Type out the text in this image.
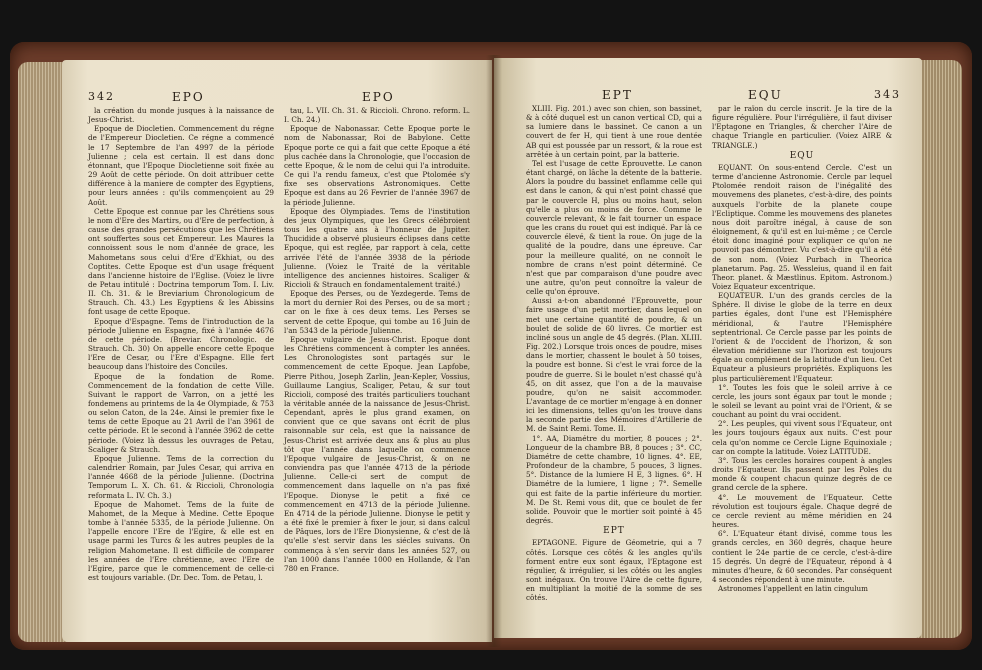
342	EPO	EPO

la création du monde jusques à la naissance de Jesus-Christ.

Epoque de Diocletien. Commencement du régne de l'Empereur Diocletien. Ce régne a commencé le 17 Septembre de l'an 4997 de la période Julienne ; cela est certain. Il est dans donc étonnant, que l'Epoque Diocletienne soit fixée au 29 Août de cette période. On doit attribuer cette différence à la maniere de compter des Egyptiens, pour leurs années : qu'ils commençoient au 29 Août.

Cette Epoque est connue par les Chrétiens sous le nom d'Ere des Martirs, ou d'Ere de perfection, à cause des grandes persécutions que les Chrétiens ont souffertes sous cet Empereur. Les Maures la connoissent sous le nom d'année de grace, les Mahometans sous celui d'Ere d'Ekhiat, ou des Coptites. Cette Epoque est d'un usage fréquent dans l'ancienne histoire de l'Eglise. (Voiez le livre de Petau intitulé : Doctrina temporum Tom. I. Liv. II. Ch. 31. & le Breviarium Chronologicum de Strauch. Ch. 43.) Les Egyptiens & les Abissins font usage de cette Epoque.

Epoque d'Espagne. Tems de l'introduction de la période Julienne en Espagne, fixé à l'année 4676 de cette période. (Breviar. Chronologic. de Strauch. Ch. 30) On appelle encore cette Epoque l'Ere de Cesar, ou l'Ere d'Espagne. Elle fert beaucoup dans l'histoire des Conciles.

Epoque de la fondation de Rome. Commencement de la fondation de cette Ville. Suivant le rapport de Varron, on a jetté les fondemens au printems de la 4e Olympiade, & 753 ou selon Caton, de la 24e. Ainsi le premier fixe le tems de cette Epoque au 21 Avril de l'an 3961 de cette période. Et le second à l'année 3962 de cette période. (Voiez là dessus les ouvrages de Petau, Scaliger & Strauch.

Epoque Julienne. Tems de la correction du calendrier Romain, par Jules Cesar, qui arriva en l'année 4668 de la période Julienne. (Doctrina Temporum L. X. Ch. 61. & Riccioli, Chronologia reformata L. IV. Ch. 3.)

Epoque de Mahomet. Tems de la fuite de Mahomet, de la Meque à Medine. Cette Epoque tombe à l'année 5335, de la période Julienne. On l'appelle encore l'Ere de l'Egire, & elle est en usage parmi les Turcs & les autres peuples de la religion Mahometane. Il est difficile de comparer les années de l'Ere chrétienne, avec l'Ere de l'Egire, parce que le commencement de celle-ci est toujours variable. (Dr. Dec. Tom. de Petau, l.

tau, L. VII. Ch. 31. & Riccioli. Chrono. reform. L. I. Ch. 24.)

Epoque de Nabonassar. Cette Epoque porte le nom de Nabonassar, Roi de Babylone. Cette Epoque porte ce qui a fait que cette Epoque a été plus cachée dans la Chronologie, que l'occasion de cette Epoque, & le nom de celui qui l'a introduite. Ce qui l'a rendu fameux, c'est que Ptolomée s'y fixe ses observations Astronomiques. Cette Epoque est dans au 26 Fevrier de l'année 3967 de la période Julienne.

Epoque des Olympiades. Tems de l'institution des jeux Olympiques, que les Grecs célébroient tous les quatre ans à l'honneur de Jupiter. Thucidide a observé plusieurs éclipses dans cette Epoque, qui est reglée, par rapport à cela, cette arrivée l'été de l'année 3938 de la période Julienne. (Voiez le Traité de la véritable intelligence des anciennes histoires. Scaliger & Riccioli & Strauch en fondamentalement traité.)

Epoque des Perses, ou de Yezdegerde. Tems de la mort du dernier Roi des Perses, ou de sa mort ; car on le fixe à ces deux tems. Les Perses se servent de cette Epoque, qui tombe au 16 Juin de l'an 5343 de la période Julienne.

Epoque vulgaire de Jesus-Christ. Epoque dont les Chrétiens commencent à compter les années. Les Chronologistes sont partagés sur le commencement de cette Epoque. Jean Lapfobe, Pierre Pithou, Joseph Zarlin, Jean-Kepler, Vossius, Guillaume Langius, Scaliger, Petau, & sur tout Riccioli, composé des traités particuliers touchant la véritable année de la naissance de Jesus-Christ. Cependant, après le plus grand examen, on convient que ce que savans ont écrit de plus raisonnable sur cela, est que la naissance de Jesus-Christ est arrivée deux ans & plus au plus tôt que l'année dans laquelle on commence l'Epoque vulgaire de Jesus-Christ, & on ne conviendra pas que l'année 4713 de la période Julienne. Celle-ci sert de comput de commencement dans laquelle on n'a pas fixé l'Epoque. Dionyse le petit a fixé ce commencement en 4713 de la période Julienne. En 4714 de la période Julienne. Dionyse le petit y a été fixé le premier à fixer le jour, si dans calcul de Pâques, lors de l'Ere Dionysienne, & c'est de là qu'elle s'est servir dans les siécles suivans. On commença à s'en servir dans les années 527, ou l'an 1000 dans l'année 1000 en Hollande, & l'an 780 en France.

EPT	EQU	343

XLIII. Fig. 201.) avec son chien, son bassinet, & à côté duquel est un canon vertical CD, qui a sa lumiere dans le bassinet. Ce canon a un couvert de fer H, qui tient à une roue dentée AB qui est poussée par un ressort, & la roue est arrêtée à un certain point, par la batterie.

Tel est l'usage de cette Eprouvette. Le canon étant chargé, on lâche la détente de la batterie. Alors la poudre du bassinet enflamme celle qui est dans le canon, & qui n'est point chassé que par le couvercle H, plus ou moins haut, selon qu'elle a plus ou moins de force. Comme le couvercle relevant, & le fait tourner un espace que les crans du rouet qui est indiqué. Par là ce couvercle élevé, & tient la roue. On juge de la qualité de la poudre, dans une épreuve. Car pour la meilleure qualité, on ne connoît le nombre de crans n'est point déterminé. Ce n'est que par comparaison d'une poudre avec une autre, qu'on peut connoître la valeur de celle qu'on éprouve.

Aussi a-t-on abandonné l'Eprouvette, pour faire usage d'un petit mortier, dans lequel on met une certaine quantité de poudre, & un boulet de solide de 60 livres. Ce mortier est incliné sous un angle de 45 degrés. (Plan. XLIII. Fig. 202.) Lorsque trois onces de poudre, mises dans le mortier, chassent le boulet à 50 toises, la poudre est bonne. Si c'est le vrai force de la poudre de guerre. Si le boulet n'est chassé qu'à 45, on dit assez, que l'on a de la mauvaise poudre, qu'on ne saisit accommoder. L'avantage de ce mortier m'engage à en donner ici les dimensions, telles qu'on les trouve dans la seconde partie des Mémoires d'Artillerie de M. de Saint Remi. Tome. II.

1°. AA, Diamétre du mortier, 8 pouces ; 2°. Longueur de la chambre BB, 8 pouces ; 3°. CC, Diamétre de cette chambre, 10 lignes. 4°. EE, Profondeur de la chambre, 5 pouces, 3 lignes. 5°. Distance de la lumiere H E, 3 lignes. 6°. H Diamétre de la lumiere, 1 ligne ; 7°. Semelle qui est faite de la partie inférieure du mortier. M. De St. Remi vous dit, que ce boulet de fer solide. Pouvoir que le mortier soit pointé à 45 degrés.

EPT

EPTAGONE. Figure de Géometrie, qui a 7 côtés. Lorsque ces côtés & les angles qu'ils forment entre eux sont égaux, l'Eptagone est régulier, & irrégulier, si les côtés ou les angles sont inégaux. On trouve l'Aire de cette figure, en multipliant la moitié de la somme de ses côtés.

par le raïon du cercle inscrit. Je la tire de la figure régulière. Pour l'irrégulière, il faut diviser l'Eptagone en Triangles, & chercher l'Aire de chaque Triangle en particulier. (Voiez AIRE & TRIANGLE.)

EQU

EQUANT. On sous-entend Cercle. C'est un terme d'ancienne Astronomie. Cercle par lequel Ptolomée rendoit raison de l'inégalité des mouvemens des planetes, c'est-à-dire, des points auxquels l'orbite de la planete coupe l'Ecliptique. Comme les mouvemens des planetes nous doit paroître inégal, à cause de son éloignement, & qu'il est en lui-même ; ce Cercle étoit donc imaginé pour expliquer ce qu'on ne pouvoit pas démontrer. Vu c'est-à-dire qu'il a été de son nom. (Voiez Purbach in Theorica planetarum. Pag. 25. Wessleius, quand il en fait Theor. planet. & Mæstlinus. Epitom. Astronom.) Voiez Equateur excentrique.

EQUATEUR. L'un des grands cercles de la Sphére. Il divise le globe de la terre en deux parties égales, dont l'une est l'Hemisphére méridional, & l'autre l'Hemisphére septentrional. Ce Cercle passe par les points de l'orient & de l'occident de l'horizon, & son élevation méridienne sur l'horizon est toujours égale au complément de la latitude d'un lieu. Cet Equateur a plusieurs propriétés. Expliquons les plus particulièrement l'Equateur.

1°. Toutes les fois que le soleil arrive à ce cercle, les jours sont égaux par tout le monde ; le soleil se levant au point vrai de l'Orient, & se couchant au point du vrai occident.

2°. Les peuples, qui vivent sous l'Equateur, ont les jours toujours égaux aux nuits. C'est pour cela qu'on nomme ce Cercle Ligne Equinoxiale ; car on compte la latitude. Voiez LATITUDE.

3°. Tous les cercles horaires coupent à angles droits l'Equateur. Ils passent par les Poles du monde & coupent chacun quinze degrés de ce grand cercle de la sphere.

4°. Le mouvement de l'Equateur. Cette révolution est toujours égale. Chaque degré de ce cercle revient au même méridien en 24 heures.

6°. L'Equateur étant divisé, comme tous les grands cercles, en 360 degrés, chaque heure contient le 24e partie de ce cercle, c'est-à-dire 15 degrés. Un degré de l'Equateur, répond à 4 minutes d'heure, & 60 secondes. Par conséquent 4 secondes répondent à une minute.

Astronomes l'appellent en latin cingulum
